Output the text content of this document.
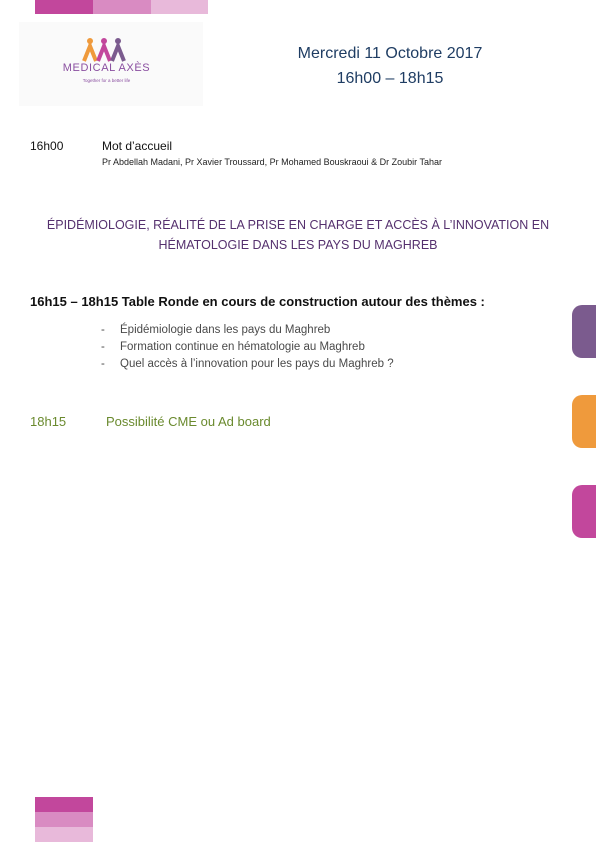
MEDICAL AXÈS
Together for a better life
Mercredi 11 Octobre 2017
16h00 – 18h15
16h00	Mot d’accueil
Pr Abdellah Madani, Pr Xavier Troussard, Pr Mohamed Bouskraoui & Dr Zoubir Tahar
ÉPIDÉMIOLOGIE, RÉALITÉ DE LA PRISE EN CHARGE ET ACCÈS À L’INNOVATION EN
HÉMATOLOGIE DANS LES PAYS DU MAGHREB
16h15 – 18h15 Table Ronde en cours de construction autour des thèmes :
- Épidémiologie dans les pays du Maghreb
- Formation continue en hématologie au Maghreb
- Quel accès à l’innovation pour les pays du Maghreb ?
18h15	Possibilité CME ou Ad board
